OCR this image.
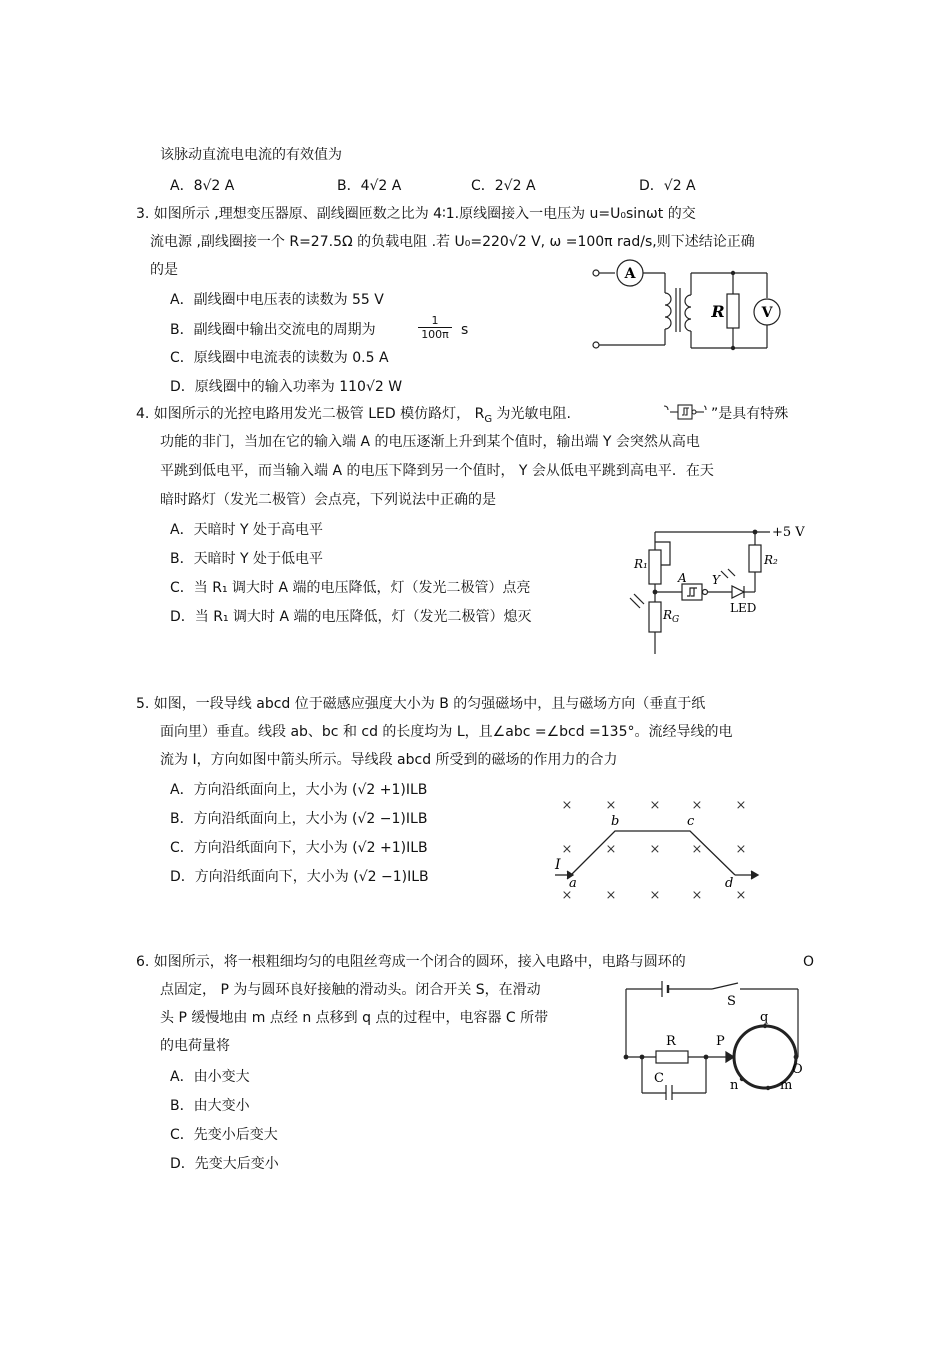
该脉动直流电电流的有效值为
A．8√2 A	B．4√2 A	C．2√2 A	D．√2 A
3. 如图所示 ,理想变压器原、副线圈匝数之比为 4∶1.原线圈接入一电压为 u=U₀sinωt 的交
流电源 ,副线圈接一个 R=27.5Ω 的负载电阻 .若 U₀=220√2 V, ω =100π rad/s,则下述结论正确
的是
A．副线圈中电压表的读数为 55 V
B．副线圈中输出交流电的周期为	$\frac{1}{100\pi}$ s
C．原线圈中电流表的读数为 0.5 A
D．原线圈中的输入功率为 110√2 W
A
R	V
4. 如图所示的光控电路用发光二极管 LED 模仿路灯， $R_G$ 为光敏电阻.	”是具有特殊
功能的非门，当加在它的输入端 A 的电压逐渐上升到某个值时，输出端 Y 会突然从高电
平跳到低电平，而当输入端 A 的电压下降到另一个值时， Y 会从低电平跳到高电平．在天
暗时路灯（发光二极管）会点亮，下列说法中正确的是
A．天暗时 Y 处于高电平
B．天暗时 Y 处于低电平
C．当 R₁ 调大时 A 端的电压降低，灯（发光二极管）点亮
D．当 R₁ 调大时 A 端的电压降低，灯（发光二极管）熄灭
+5 V
R₁	R₂
$R_G$
A Y
LED
5. 如图，一段导线 abcd 位于磁感应强度大小为 B 的匀强磁场中，且与磁场方向（垂直于纸
面向里）垂直。线段 ab、bc 和 cd 的长度均为 L，且∠abc =∠bcd =135°。流经导线的电
流为 I，方向如图中箭头所示。导线段 abcd 所受到的磁场的作用力的合力
A．方向沿纸面向上，大小为 (√2 +1)ILB
B．方向沿纸面向上，大小为 (√2 −1)ILB
C．方向沿纸面向下，大小为 (√2 +1)ILB
D．方向沿纸面向下，大小为 (√2 −1)ILB
×	×	× ×	×
×	×	× ×	×
×	×	× ×	×
I
a
b	c
d
6. 如图所示，将一根粗细均匀的电阻丝弯成一个闭合的圆环，接入电路中，电路与圆环的	O
点固定， P 为与圆环良好接触的滑动头。闭合开关 S，在滑动
头 P 缓慢地由 m 点经 n 点移到 q 点的过程中，电容器 C 所带
的电荷量将
A．由小变大
B．由大变小
C．先变小后变大
D．先变大后变小
S
R
C
P
q
O
n	m
